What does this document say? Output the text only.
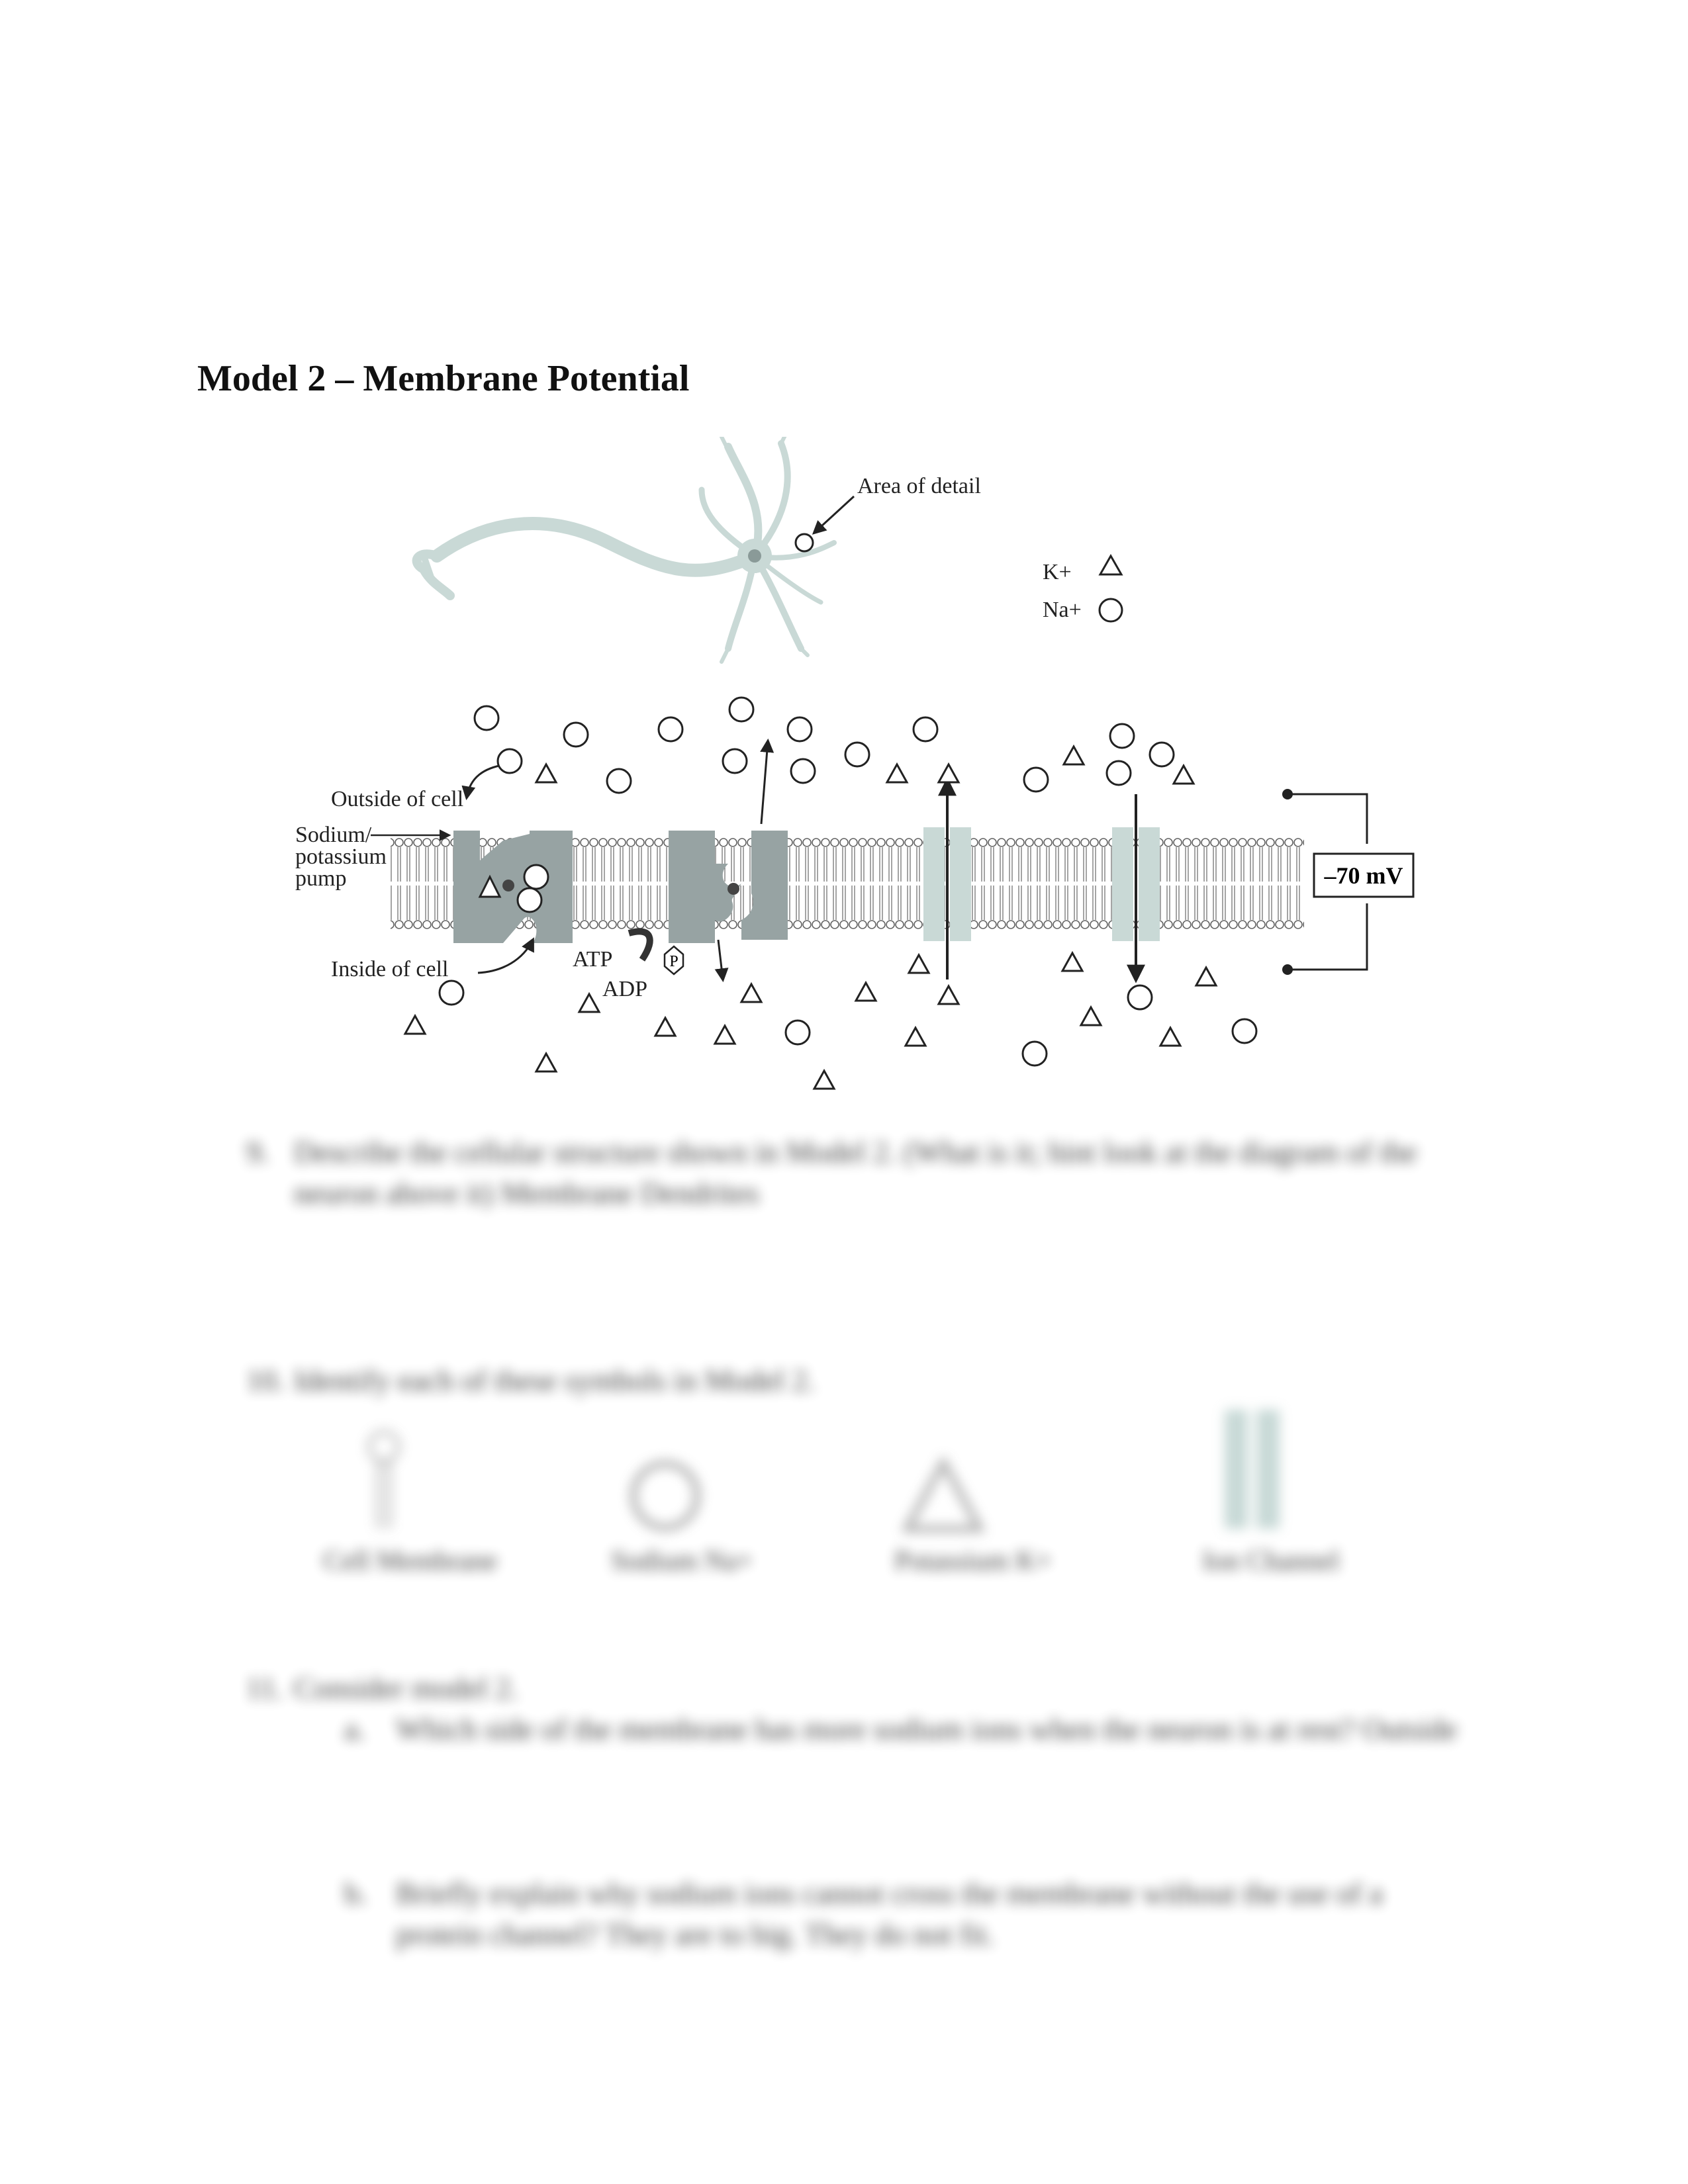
Model 2 – Membrane Potential
Area of detail
K+
Na+
Outside of cell
Sodium/
potassium
pump
Inside of cell	ATP
ADP
P
–70 mV
9. Describe the cellular structure shown in Model 2. (What is it; hint look at the diagram of the neuron above it) Membrane Dendrites
10. Identify each of these symbols in Model 2.
Cell Membrane	Sodium Na+	Potassium K+	Ion Channel
11. Consider model 2.
a. Which side of the membrane has more sodium ions when the neuron is at rest? Outside
b. Briefly explain why sodium ions cannot cross the membrane without the use of a protein channel? They are to big. They do not fit.
